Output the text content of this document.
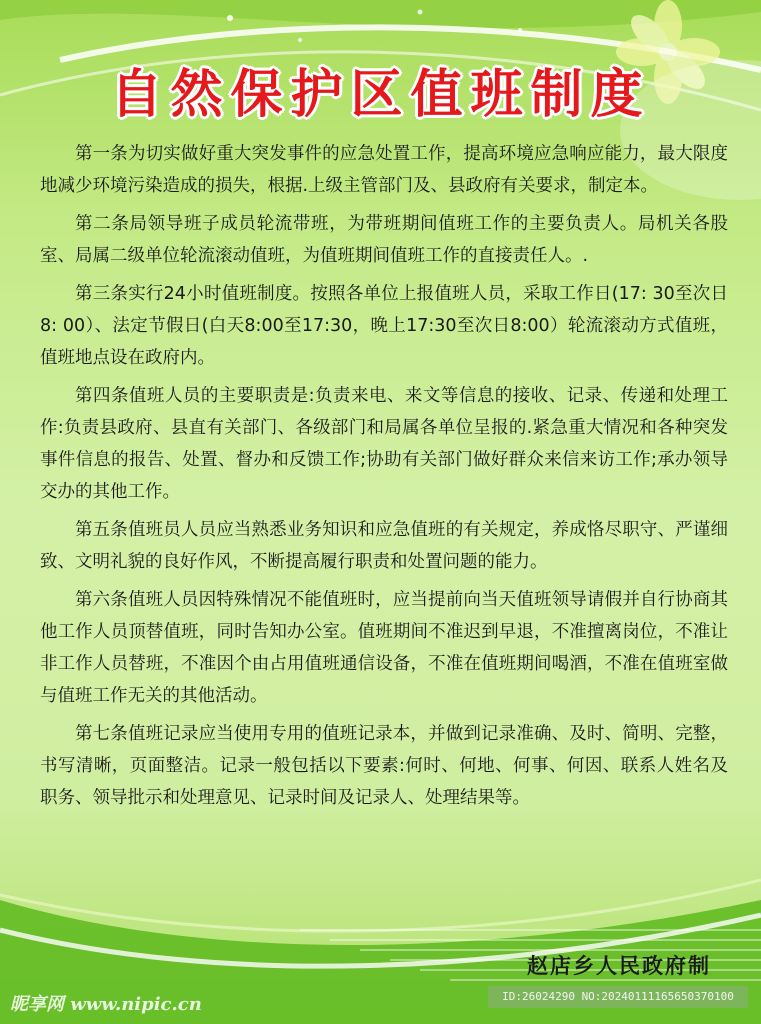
自然保护区值班制度

第一条为切实做好重大突发事件的应急处置工作，提高环境应急响应能力，最大限度地减少环境污染造成的损失，根据.上级主管部门及、县政府有关要求，制定本。

第二条局领导班子成员轮流带班，为带班期间值班工作的主要负责人。局机关各股室、局属二级单位轮流滚动值班，为值班期间值班工作的直接责任人。.

第三条实行24小时值班制度。按照各单位上报值班人员，采取工作日(17: 30至次日8: 00）、法定节假日(白天8:00至17:30，晚上17:30至次日8:00）轮流滚动方式值班，值班地点设在政府内。

第四条值班人员的主要职责是:负责来电、来文等信息的接收、记录、传递和处理工作:负责县政府、县直有关部门、各级部门和局属各单位呈报的.紧急重大情况和各种突发事件信息的报告、处置、督办和反馈工作;协助有关部门做好群众来信来访工作;承办领导交办的其他工作。

第五条值班员人员应当熟悉业务知识和应急值班的有关规定，养成恪尽职守、严谨细致、文明礼貌的良好作风，不断提高履行职责和处置问题的能力。

第六条值班人员因特殊情况不能值班时，应当提前向当天值班领导请假并自行协商其他工作人员顶替值班，同时告知办公室。值班期间不准迟到早退，不准擅离岗位，不准让非工作人员替班，不准因个由占用值班通信设备，不准在值班期间喝酒，不准在值班室做与值班工作无关的其他活动。

第七条值班记录应当使用专用的值班记录本，并做到记录准确、及时、简明、完整，书写清晰，页面整洁。记录一般包括以下要素:何时、何地、何事、何因、联系人姓名及职务、领导批示和处理意见、记录时间及记录人、处理结果等。

赵店乡人民政府制
昵享网 www.nipic.cn	ID:26024290 NO:20240111165650370100
